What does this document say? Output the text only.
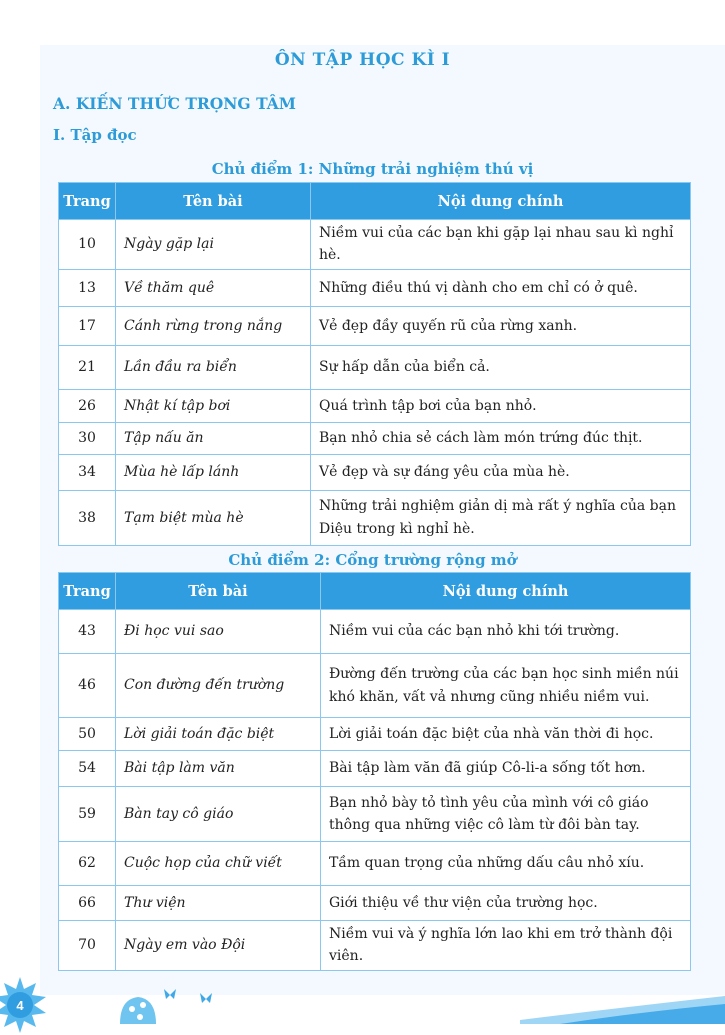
ÔN TẬP HỌC KÌ I
A. KIẾN THỨC TRỌNG TÂM
I. Tập đọc
Chủ điểm 1: Những trải nghiệm thú vị
Trang	Tên bài	Nội dung chính
10	Ngày gặp lại	Niềm vui của các bạn khi gặp lại nhau sau kì nghỉ hè.
13	Về thăm quê	Những điều thú vị dành cho em chỉ có ở quê.
17	Cánh rừng trong nắng	Vẻ đẹp đầy quyến rũ của rừng xanh.
21	Lần đầu ra biển	Sự hấp dẫn của biển cả.
26	Nhật kí tập bơi	Quá trình tập bơi của bạn nhỏ.
30	Tập nấu ăn	Bạn nhỏ chia sẻ cách làm món trứng đúc thịt.
34	Mùa hè lấp lánh	Vẻ đẹp và sự đáng yêu của mùa hè.
38	Tạm biệt mùa hè	Những trải nghiệm giản dị mà rất ý nghĩa của bạn Diệu trong kì nghỉ hè.
Chủ điểm 2: Cổng trường rộng mở
Trang	Tên bài	Nội dung chính
43	Đi học vui sao	Niềm vui của các bạn nhỏ khi tới trường.
46	Con đường đến trường	Đường đến trường của các bạn học sinh miền núi khó khăn, vất vả nhưng cũng nhiều niềm vui.
50	Lời giải toán đặc biệt	Lời giải toán đặc biệt của nhà văn thời đi học.
54	Bài tập làm văn	Bài tập làm văn đã giúp Cô-li-a sống tốt hơn.
59	Bàn tay cô giáo	Bạn nhỏ bày tỏ tình yêu của mình với cô giáo thông qua những việc cô làm từ đôi bàn tay.
62	Cuộc họp của chữ viết	Tầm quan trọng của những dấu câu nhỏ xíu.
66	Thư viện	Giới thiệu về thư viện của trường học.
70	Ngày em vào Đội	Niềm vui và ý nghĩa lớn lao khi em trở thành đội viên.
4
